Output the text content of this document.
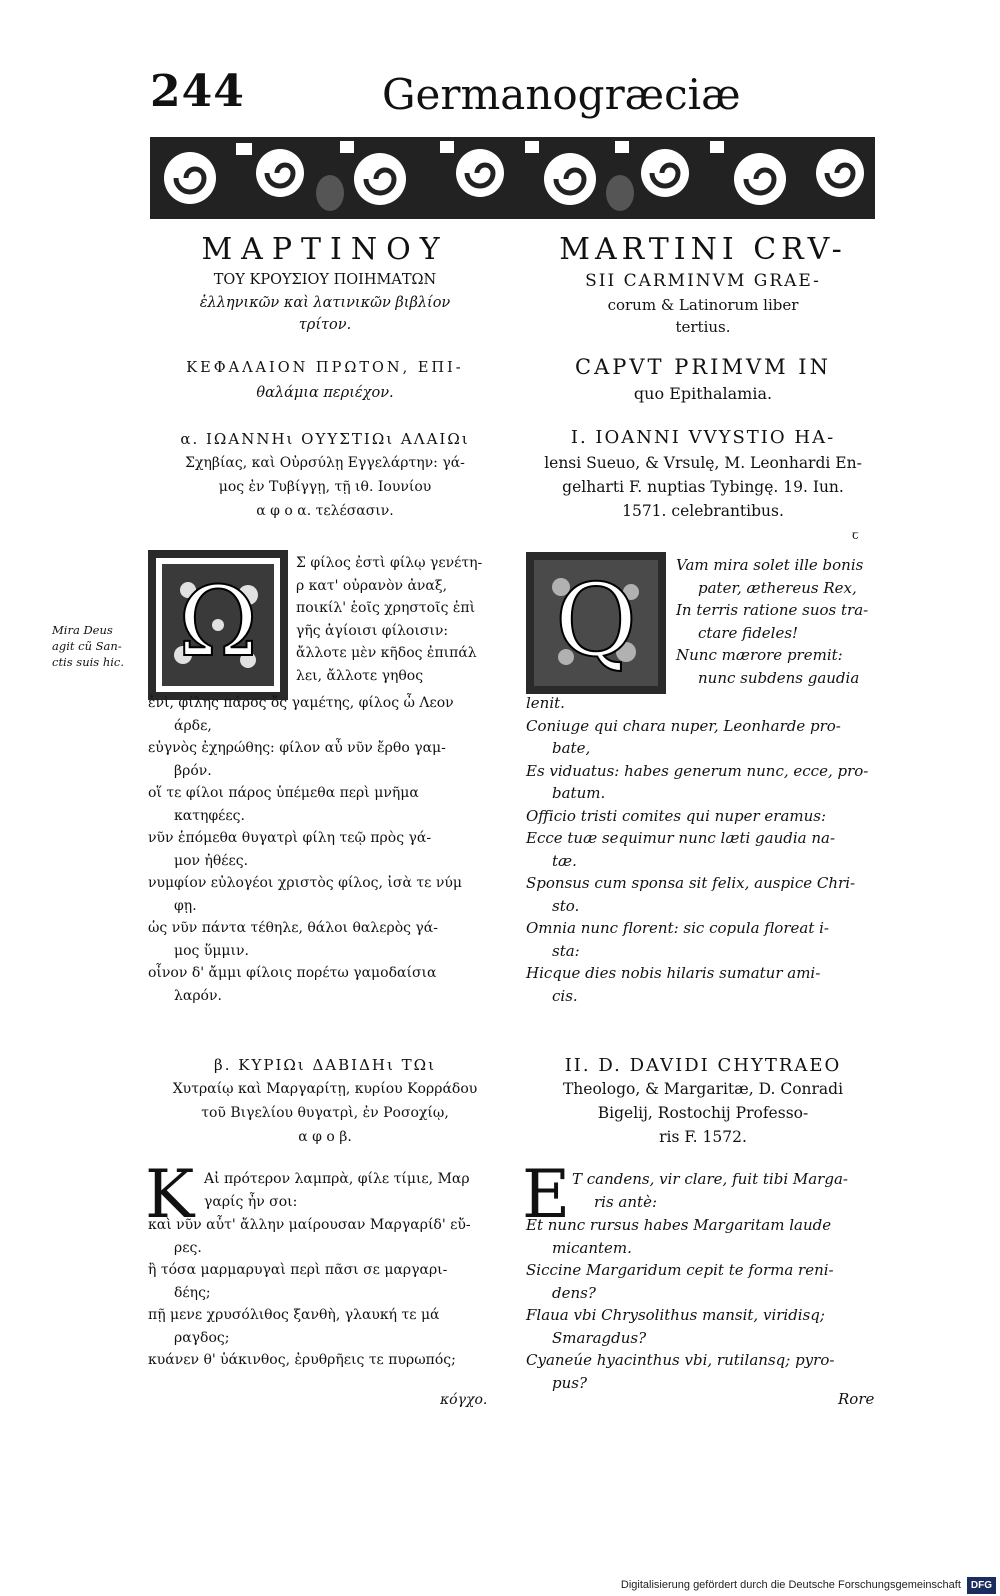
244	Germanogræciæ
ΜΑΡΤΙΝΟΥ
ΤΟΥ ΚΡΟΥΣΙΟΥ ΠΟΙΗΜΑΤΩΝ
ἑλληνικῶν καὶ λατινικῶν βιβλίον
τρίτον.
ΚΕΦΑΛΑΙΟΝ ΠΡΩΤΟΝ, ΕΠΙ-
θαλάμια περιέχον.
α. ΙΩΑΝΝΗι ΟΥΥΣΤΙΩι ΑΛΑΙΩι
Σχηβίας, καὶ Οὐρσύλῃ Εγγελάρτην: γά-
μος ἐν Τυβίγγῃ, τῇ ιθ. Ιουνίου
α φ ο α. τελέσασιν.
Ω
Mira Deus
agit cũ San-
ctis suis hic.
Σ φίλος ἐστὶ φίλῳ γενέτη-
ρ κατ' οὐρανὸν ἀναξ,
ποικίλ' ἑοῖς χρηστοῖς ἐπὶ
γῆς ἁγίοισι φίλοισιν:
ἄλλοτε μὲν κῆδος ἐπιπάλ
λει, ἄλλοτε γηθος
ἐνὶ, φίλης πάρος ὅς γαμέτης, φίλος ὦ Λεον
άρδε,
εὐγνὸς ἐχηρώθης: φίλον αὖ νῦν ἔρθο γαμ-
βρόν.
οἵ τε φίλοι πάρος ὑπέμεθα περὶ μνῆμα
κατηφέες.
νῦν ἑπόμεθα θυγατρὶ φίλη τεῷ πρὸς γά-
μον ἠθέες.
νυμφίον εὐλογέοι χριστὸς φίλος, ἰσὰ τε νύμ
φῃ.
ὡς νῦν πάντα τέθηλε, θάλοι θαλερὸς γά-
μος ὕμμιν.
οἶνον δ' ἄμμι φίλοις πορέτω γαμοδαίσια
λαρόν.
β. ΚΥΡΙΩι ΔΑΒΙΔΗι ΤΩι
Χυτραίῳ καὶ Μαργαρίτῃ, κυρίου Κορράδου
τοῦ Βιγελίου θυγατρὶ, ἐν Ροσοχίῳ,
α φ ο β.
K Αἰ πρότερον λαμπρὰ, φίλε τίμιε, Μαρ
γαρίς ἦν σοι:
καὶ νῦν αὖτ' ἄλλην μαίρουσαν Μαργαρίδ' εὔ-
ρες.
ἢ τόσα μαρμαρυγαὶ περὶ πᾶσι σε μαργαρι-
δέης;
πῇ μενε χρυσόλιθος ξανθὴ, γλαυκή τε μά
ραγδος;
κυάνεν θ' ὑάκινθος, ἐρυθρῆεις τε πυρωπός;
κόγχο.
MARTINI CRV-
SII CARMINVM GRAE-
corum & Latinorum liber
tertius.
CAPVT PRIMVM IN
quo Epithalamia.
I. IOANNI VVYSTIO HA-
lensi Sueuo, & Vrsulę, M. Leonhardi En-
gelharti F. nuptias Tybingę. 19. Iun.
1571. celebrantibus.
ꞇ
Q	Vam mira solet ille bonis
pater, æthereus Rex,
In terris ratione suos tra-
ctare fideles!
Nunc mærore premit:
nunc subdens gaudia
lenit.
Coniuge qui chara nuper, Leonharde pro-
bate,
Es viduatus: habes generum nunc, ecce, pro-
batum.
Officio tristi comites qui nuper eramus:
Ecce tuæ sequimur nunc læti gaudia na-
tæ.
Sponsus cum sponsa sit felix, auspice Chri-
sto.
Omnia nunc florent: sic copula floreat i-
sta:
Hicque dies nobis hilaris sumatur ami-
cis.
II. D. DAVIDI CHYTRAEO
Theologo, & Margaritæ, D. Conradi
Bigelij, Rostochij Professo-
ris F. 1572.
E T candens, vir clare, fuit tibi Marga-
ris antè:
Et nunc rursus habes Margaritam laude
micantem.
Siccine Margaridum cepit te forma reni-
dens?
Flaua vbi Chrysolithus mansit, viridisq;
Smaragdus?
Cyaneúe hyacinthus vbi, rutilansq; pyro-
pus?
Rore
Digitalisierung gefördert durch die Deutsche Forschungsgemeinschaft	DFG
